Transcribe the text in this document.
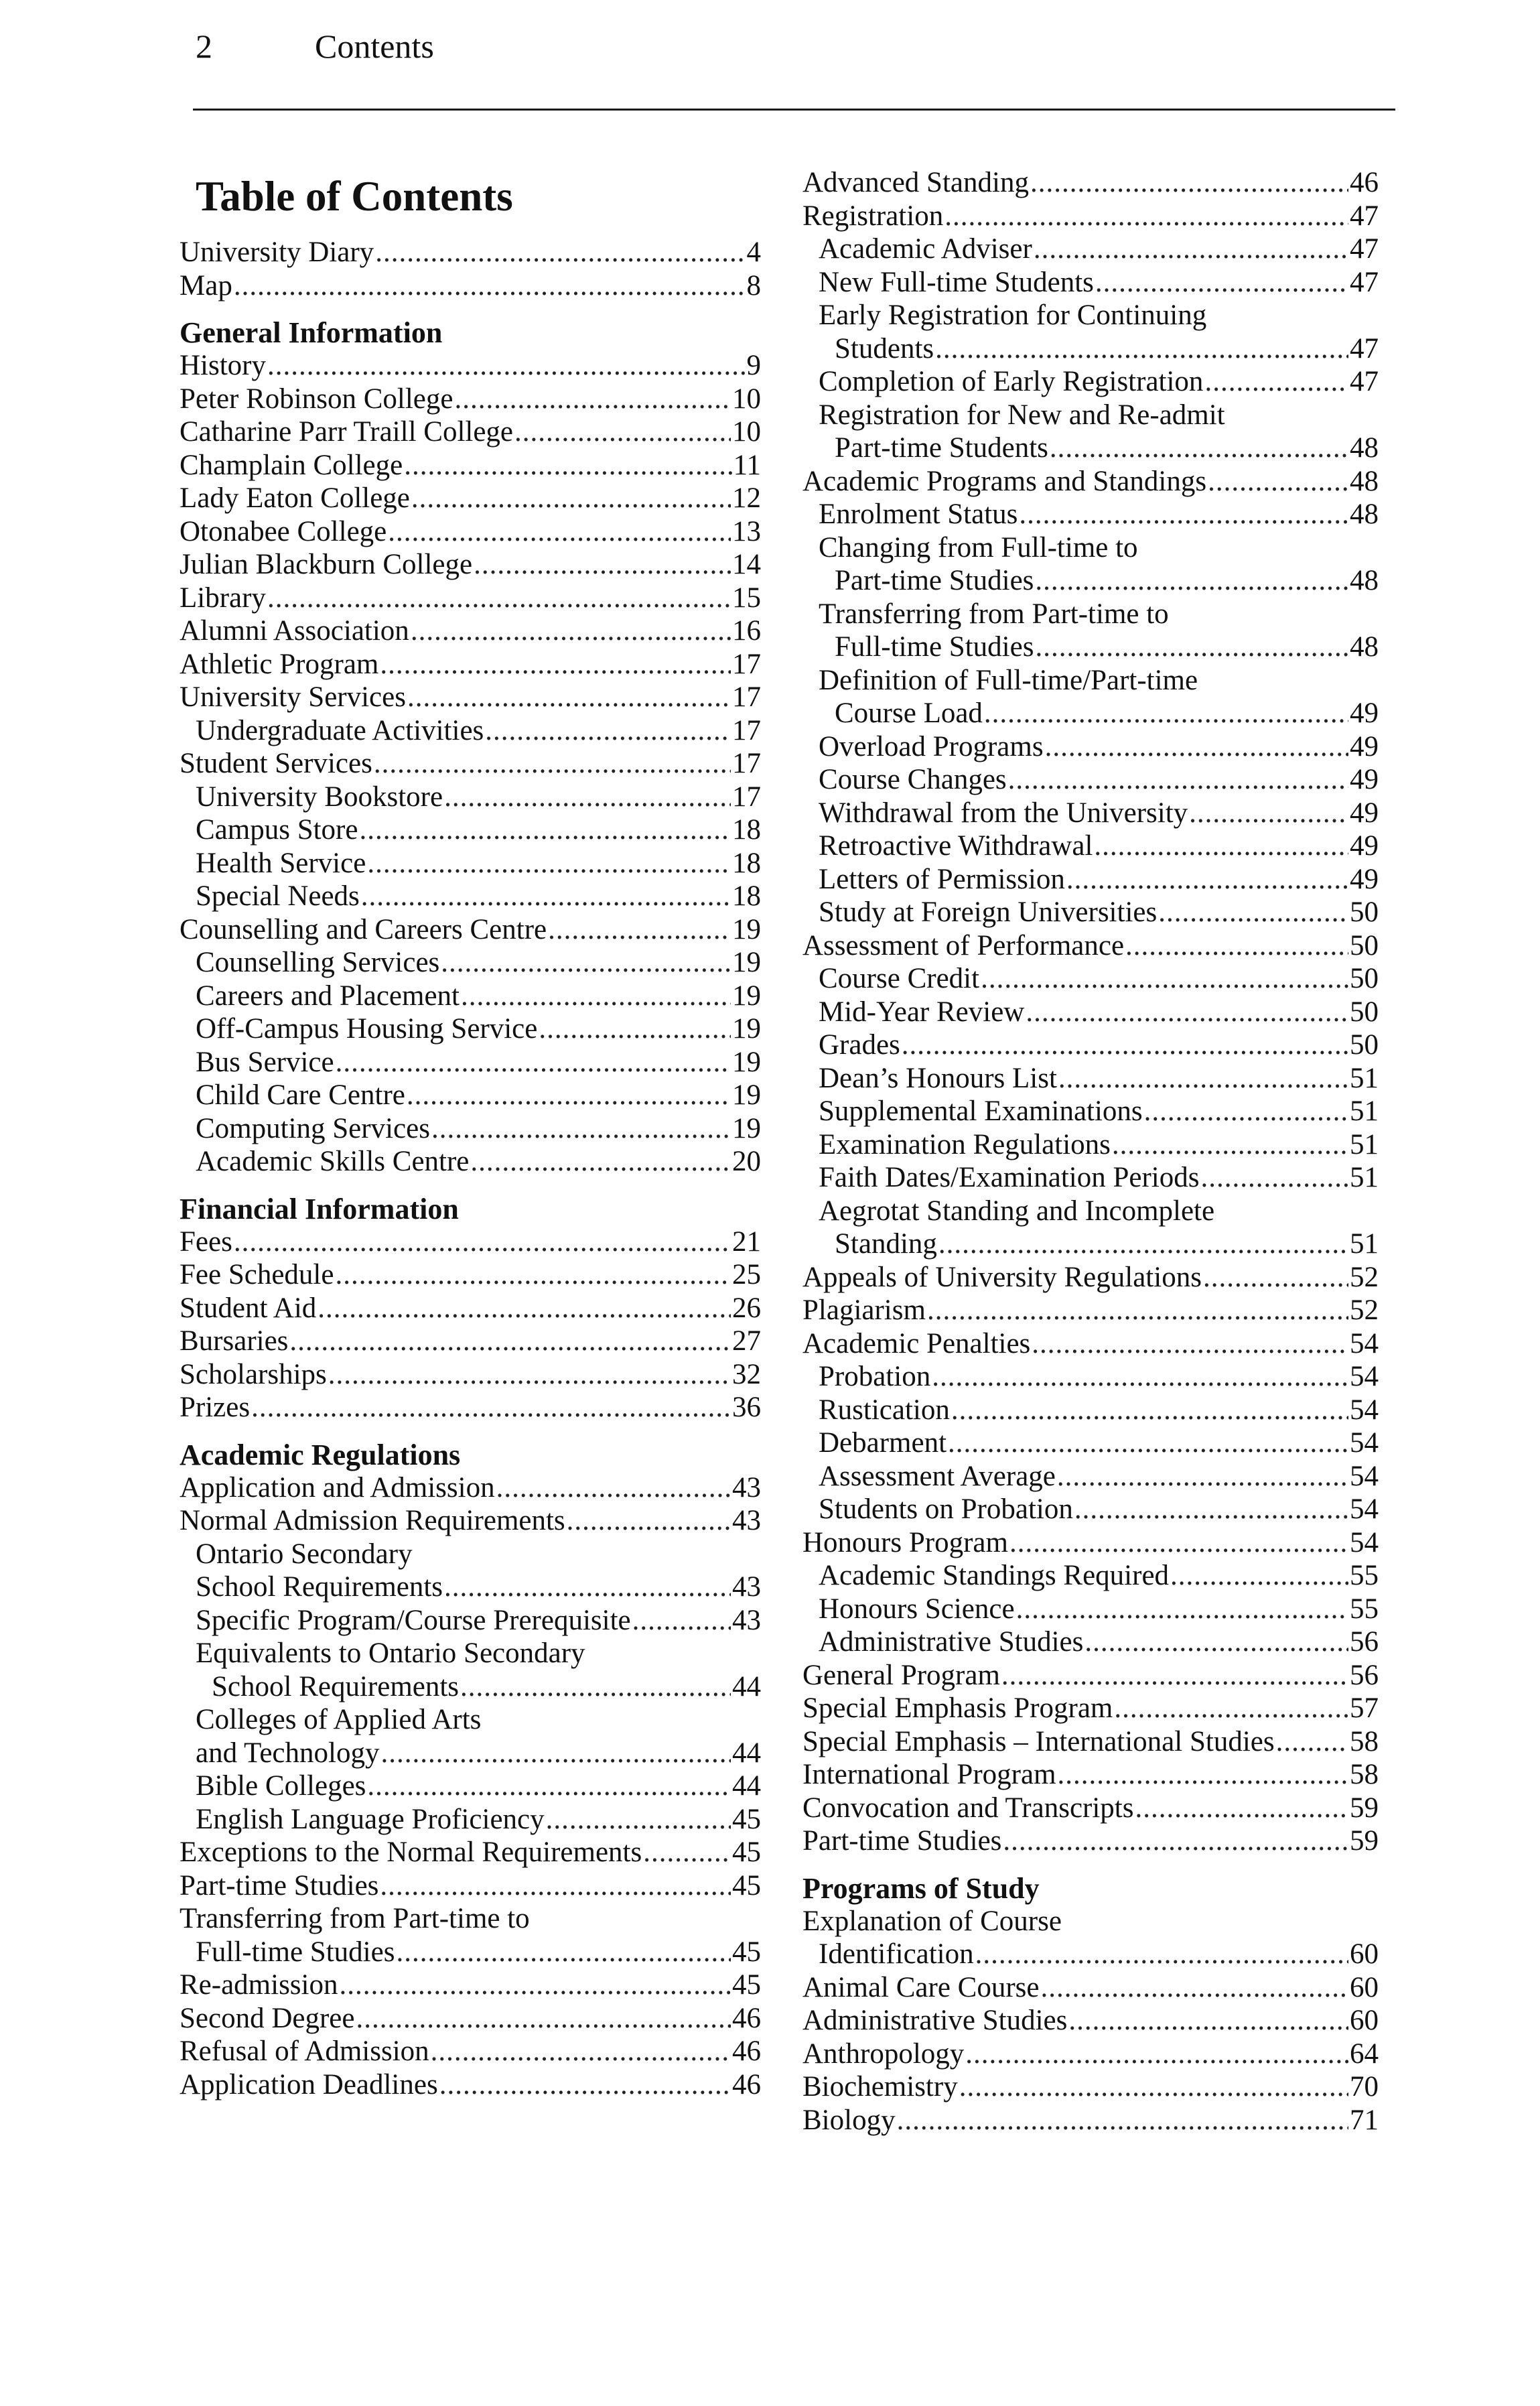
2	Contents
Table of Contents
University Diary .....	4
Map .....	8
General Information
History .....	9
Peter Robinson College .....	10
Catharine Parr Traill College .....	10
Champlain College .....	11
Lady Eaton College .....	12
Otonabee College .....	13
Julian Blackburn College .....	14
Library .....	15
Alumni Association .....	16
Athletic Program .....	17
University Services .....	17
Undergraduate Activities .....	17
Student Services .....	17
University Bookstore .....	17
Campus Store .....	18
Health Service .....	18
Special Needs .....	18
Counselling and Careers Centre .....	19
Counselling Services .....	19
Careers and Placement .....	19
Off-Campus Housing Service .....	19
Bus Service .....	19
Child Care Centre .....	19
Computing Services .....	19
Academic Skills Centre .....	20
Financial Information
Fees .....	21
Fee Schedule .....	25
Student Aid .....	26
Bursaries .....	27
Scholarships .....	32
Prizes .....	36
Academic Regulations
Application and Admission .....	43
Normal Admission Requirements .....	43
Ontario Secondary
School Requirements .....	43
Specific Program/Course Prerequisite .....	43
Equivalents to Ontario Secondary
School Requirements .....	44
Colleges of Applied Arts
and Technology .....	44
Bible Colleges .....	44
English Language Proficiency .....	45
Exceptions to the Normal Requirements .....	45
Part-time Studies .....	45
Transferring from Part-time to
Full-time Studies .....	45
Re-admission .....	45
Second Degree .....	46
Refusal of Admission .....	46
Application Deadlines .....	46
Advanced Standing .....	46
Registration .....	47
Academic Adviser .....	47
New Full-time Students .....	47
Early Registration for Continuing
Students .....	47
Completion of Early Registration .....	47
Registration for New and Re-admit
Part-time Students .....	48
Academic Programs and Standings .....	48
Enrolment Status .....	48
Changing from Full-time to
Part-time Studies .....	48
Transferring from Part-time to
Full-time Studies .....	48
Definition of Full-time/Part-time
Course Load .....	49
Overload Programs .....	49
Course Changes .....	49
Withdrawal from the University .....	49
Retroactive Withdrawal .....	49
Letters of Permission .....	49
Study at Foreign Universities .....	50
Assessment of Performance .....	50
Course Credit .....	50
Mid-Year Review .....	50
Grades .....	50
Dean’s Honours List .....	51
Supplemental Examinations .....	51
Examination Regulations .....	51
Faith Dates/Examination Periods .....	51
Aegrotat Standing and Incomplete
Standing .....	51
Appeals of University Regulations .....	52
Plagiarism .....	52
Academic Penalties .....	54
Probation .....	54
Rustication .....	54
Debarment .....	54
Assessment Average .....	54
Students on Probation .....	54
Honours Program .....	54
Academic Standings Required .....	55
Honours Science .....	55
Administrative Studies .....	56
General Program .....	56
Special Emphasis Program .....	57
Special Emphasis – International Studies .....	58
International Program .....	58
Convocation and Transcripts .....	59
Part-time Studies .....	59
Programs of Study
Explanation of Course
Identification .....	60
Animal Care Course .....	60
Administrative Studies .....	60
Anthropology .....	64
Biochemistry .....	70
Biology .....	71
